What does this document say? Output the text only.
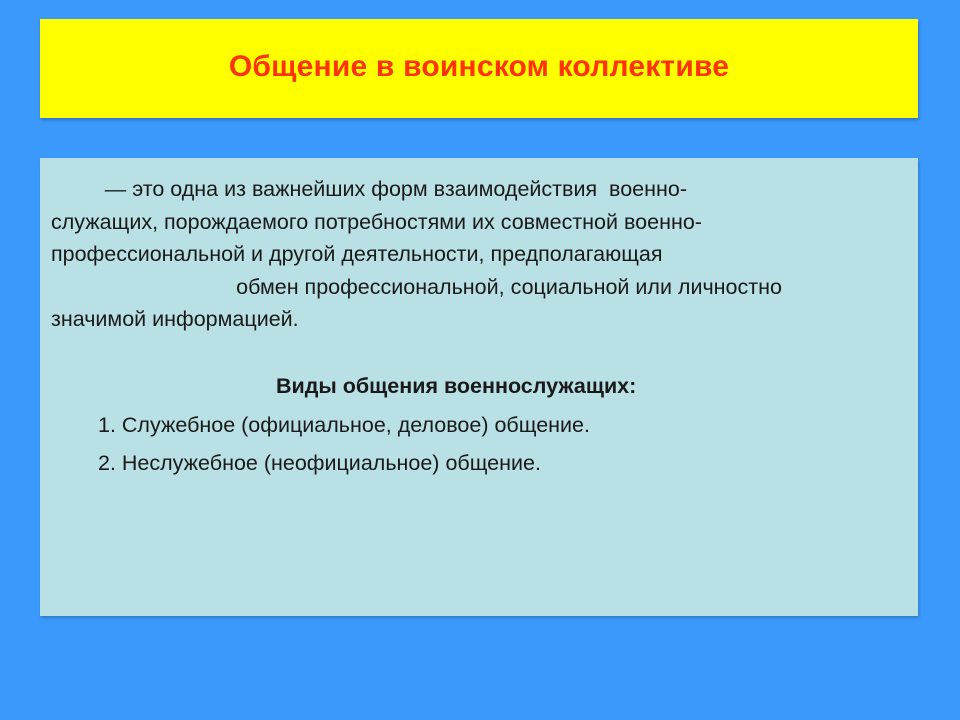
Общение в воинском коллективе

— это одна из важнейших форм взаимодействия  военно-
служащих, порождаемого потребностями их совместной военно-
профессиональной и другой деятельности, предполагающая
обмен профессиональной, социальной или личностно
значимой информацией.

Виды общения военнослужащих:

1. Служебное (официальное, деловое) общение.
2. Неслужебное (неофициальное) общение.
